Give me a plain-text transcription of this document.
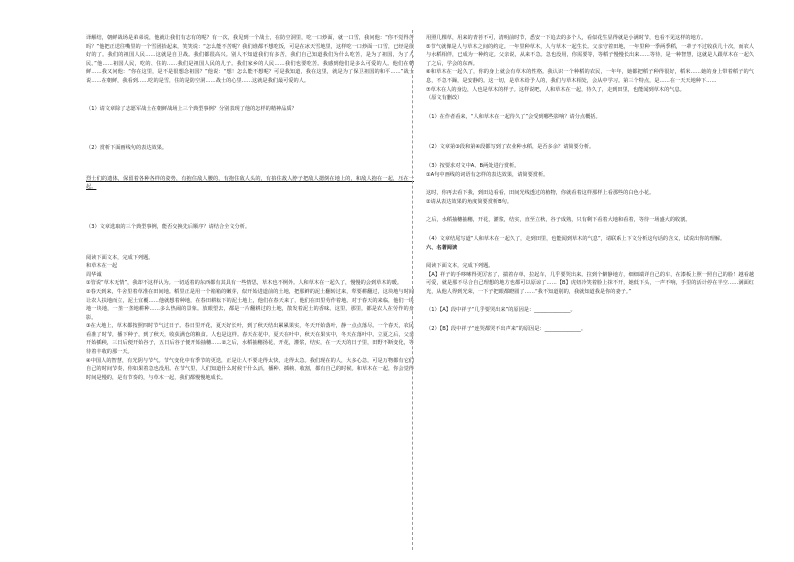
译解结，朝鲜战场是弟弟说，他就让我们有志有的呢？有一次，我见到一个战士，在防空洞里，吃一口炒面，就一口雪，我问他：“你不觉得苦吗？”他把正送往嘴里的一个雪团抬起来，笑笑说：“怎么能不苦呢？我们谁都不想吃饭，可是在冰天雪地里，这样吃一口炒面一口雪，已经是很好的了。我们的祖国人民……这就是自卫战。我们都很高兴。别人不知道我们有多苦，我们自己知道我们为什么吃苦，是为了祖国，为了人民。”他……祖国人民，吃的、住的……我们是祖国人民的儿子。我们家乡的人民……我们也要吃苦。我感到他们是多么可爱的人。他们在朝鲜……我又问他：“你在这里，是不是很想念祖国？”他说：“想！怎么能不想呢？可是我知道，我在这里，就是为了保卫祖国的和平……”战士说……在朝鲜，我看到……吃的是雪，住的是防空洞……战士的心里……这就是我们最可爱的人。

（1）请文章除了志愿军战士在朝鲜战场上三个典型事例？分别表现了他的怎样的精神品质？

（2）赏析下面画线句的表达效果。

烈士们的遗体，保留着各种各样的姿势，有抱住敌人腰的，有抱住敌人头的，有掐住敌人脖子把敌人摁倒在地上的，和敌人抱在一起，压在一起。

（3）文章选取的三个典型事例，能否交换先后顺序？请结合全文分析。

阅读下面文本，完成下列题。

和草木在一起

周华诚

①管说“草木无情”，我却不这样认为。一切适着的东西都有其具有一些情思，草木也不例外。人和草木在一起久了，慢慢的会到草木的暖。

②春天到来，牛舍里着草准在田间地。稻里正是用一个箱箱的嫩芽，似开始进道前的土地，把那鲜的泥土翻转过来，犁要耕翻过，这块地与时间让农人扶地而立，泥土宜覆……他就想着种地，在春田耕耘下的泥土地上，他们在春天来了，他们在田里劳作着地。对于春天的来临，他们一块地一块地，一垄一垄地耕种……多么热闹的景象。放眼望去，都是一片翻耕过的土地，散发着泥土的香味。这里，那里，都是农人在劳作的身影。

③在大地上，草木都按照四时节气过日子。春日里开花，夏天好长叶，到了秋天结出累累果实，冬天开始落叶，静一点点落尽。一个春天，农民看准了时节，播下种子，到了秋天，收获满仓的粮食。人也是这样。春天在花中，夏天在叶中，秋天在果实中，冬天在落叶中。立夏之后，父亲开始插秧，三日后便开始谷子，五日后谷子便开始抽穗……②之后，水稻抽穗扬花，开花，灌浆，结实，在一天天的日子里，田野不断变化，等待着丰收的那一天。

④中国人的智慧，有光阴与节气。节气变化中有季节的更迭，正是让人不要走得太快，走得太急。我们现在的人，大多心急，可是万物都有它们自己的时间节奏，你如果着急也没用。在节气里，人们知道什么时候干什么活，播种、插秧、收割，都有自己的时候。和草木在一起，你会觉得时间是慢的，是有节奏的，与草木一起，我们都慢慢地成长。

用照几棵草，用来的青苔不可，清明前时节，悉安一下追去的多个人，看似花生显得就是小满时节，也看不见这样的地方。

⑤节气就像是人与草木之间的约定。一年里种草木，人与草木一起生长。父亲守着田地，一年里种一季两季稻，一辈子不过收获几十次，而农人与水稻相伴，已成为一种约定。父亲说，从来不急。急也没用，你需要等，等稻子慢慢长出来……等待，是一种智慧，这就是人跟草木在一起久了之后，学会的东西。

⑥和草木在一起久了，你的身上就会有草木的性格。我认识一个种稻的农民，一年年，她都把稻子种得很好，稻米……她的身上带着稻子的气息，不急不躁，是安静的。这一切，是草木给予人的，我们与草木相处，会从中学习。第三个特点，是……在一天天地种下……

⑦草木在人的身边，人也是草木的样子。这样说吧，人和草木在一起，待久了，走到田里，也能闻到草木的气息。

（原文有删改）

（1）在作者看来，“人和草木在一起待久了”会受到哪些影响？请分点概括。

（2）文章第③段和第④段都写到了农业种水稻，是否多余？请简要分析。

（3）按要求对文中A、B两处进行赏析。

①A句中画线的词语有怎样的表达效果，请简要赏析。

这时，你再去看下我，到田边看看，田间光线透过的植物，你就看着这样那样上看那些的白色小花。

②请从表达效果的角度简要赏析B句。

之后，水稻抽穗抽穗，开花，灌浆，结实，直至立秋，谷子成熟，只有剩下看着大地和看着，等待一场盛大的收割。

（4）文章结尾写道“人和草木在一起久了，走到田里，也能闻到草木的气息”，请联系上下文分析这句话的含义，试说出你的理解。

六、名著阅读

阅读下面文本，完成下列题。

【A】祥子的手哆嗦得更厉害了，揣着存单，拉起车，几乎要哭出来。拉到个僻静地方，细细端详自己的车，在漆板上照一照自己的脸！越看越可爱，就是那不尽合自己理想的地方也都可以原谅了……【B】虎妞冷笑着脸上抹不开，她低下头，一声不响，手里的活计停在半空……满面红光，从他人得到光荣，一下子把眼都瞪圆了……“我不知道别的，我就知道我是你的妻子。”

（1）【A】段中祥子“几乎要哭出来”的原因是：______________。

（2）【B】段中祥子“连哭都哭不出声来”的原因是：______________。
